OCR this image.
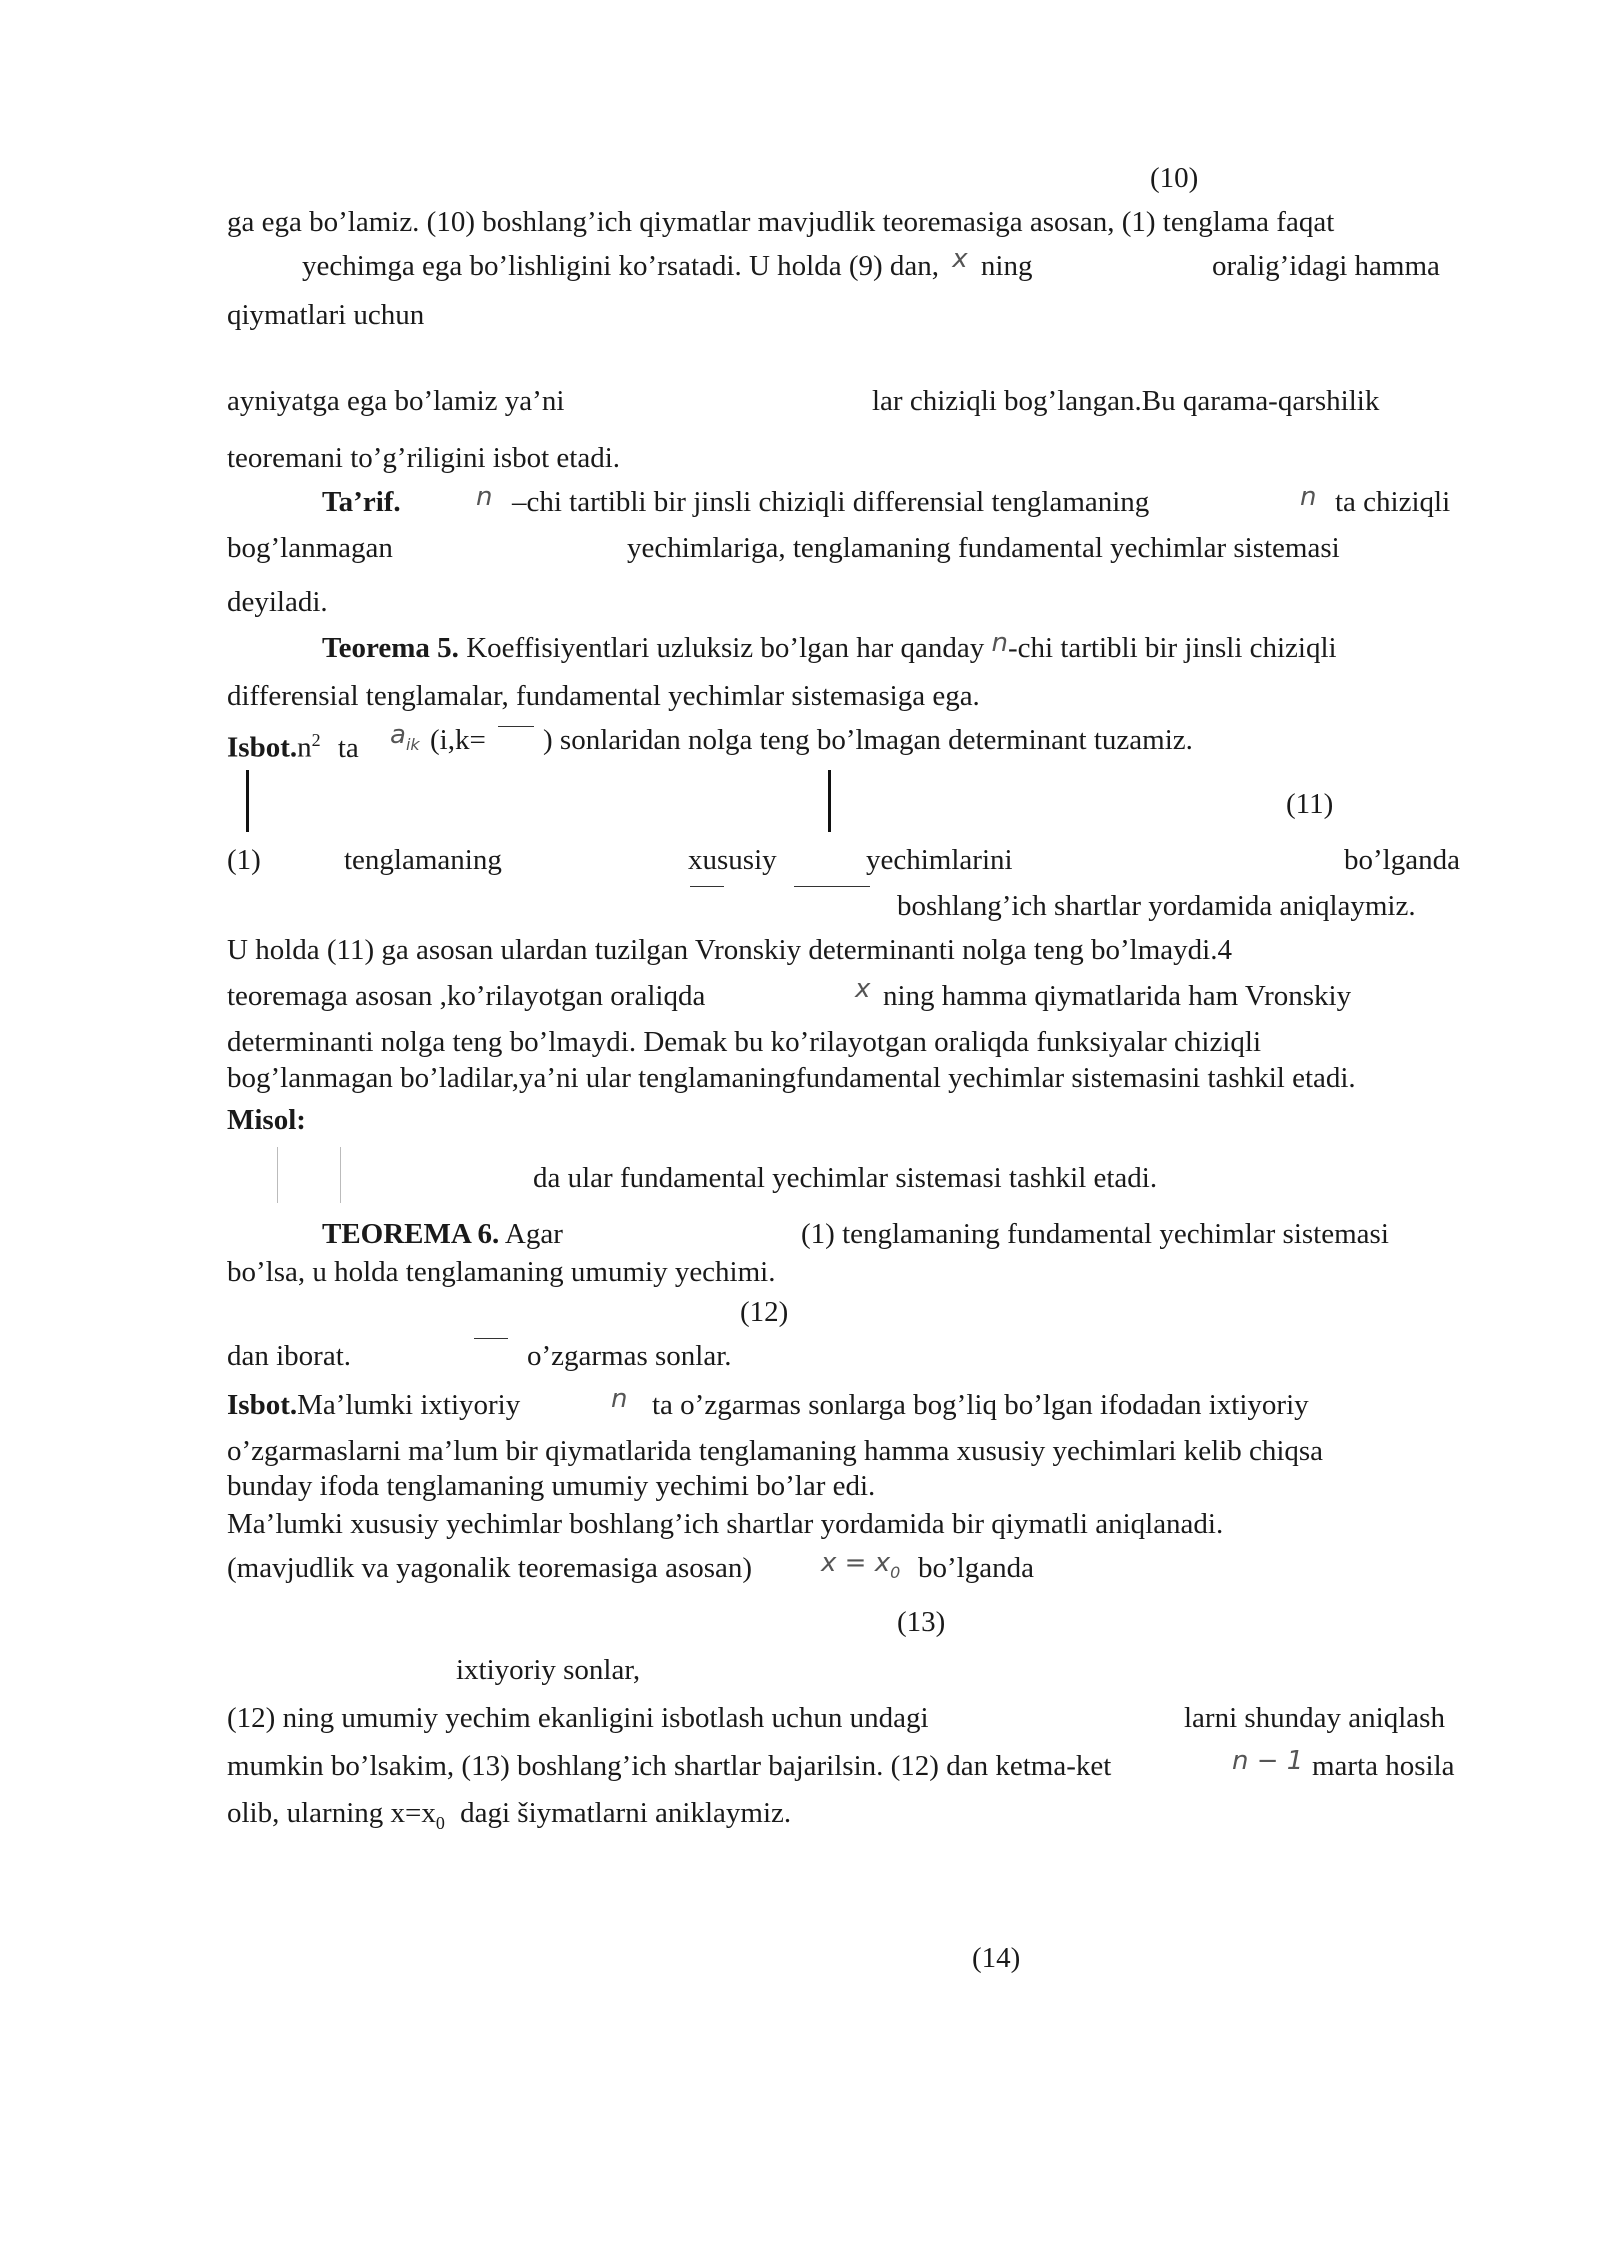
(10)
ga ega bo’lamiz. (10) boshlang’ich qiymatlar mavjudlik teoremasiga asosan, (1) tenglama faqat
yechimga ega bo’lishligini ko’rsatadi. U holda (9) dan, x ning	oralig’idagi hamma
qiymatlari uchun
ayniyatga ega bo’lamiz ya’ni	lar chiziqli bog’langan.Bu qarama-qarshilik
teoremani to’g’riligini isbot etadi.
Ta’rif.	n –chi tartibli bir jinsli chiziqli differensial tenglamaning	n ta chiziqli
bog’lanmagan	yechimlariga, tenglamaning fundamental yechimlar sistemasi
deyiladi.
Teorema 5. Koeffisiyentlari uzluksiz bo’lgan har qanday n-chi tartibli bir jinsli chiziqli
differensial tenglamalar, fundamental yechimlar sistemasiga ega.
$Isbot.n^2$ ta $a_{ik}$ (i,k= ) sonlaridan nolga teng bo’lmagan determinant tuzamiz.
(11)
(1)	tenglamaning	xususiy	yechimlarini	bo’lganda
boshlang’ich shartlar yordamida aniqlaymiz.
U holda (11) ga asosan ulardan tuzilgan Vronskiy determinanti nolga teng bo’lmaydi.4
teoremaga asosan ,ko’rilayotgan oraliqda	x ning hamma qiymatlarida ham Vronskiy
determinanti nolga teng bo’lmaydi. Demak bu ko’rilayotgan oraliqda funksiyalar chiziqli
bog’lanmagan bo’ladilar,ya’ni ular tenglamaningfundamental yechimlar sistemasini tashkil etadi.
Misol:
da ular fundamental yechimlar sistemasi tashkil etadi.
TEOREMA 6. Agar	(1) tenglamaning fundamental yechimlar sistemasi
bo’lsa, u holda tenglamaning umumiy yechimi.
(12)
dan iborat.	o’zgarmas sonlar.
Isbot.Ma’lumki ixtiyoriy	n ta o’zgarmas sonlarga bog’liq bo’lgan ifodadan ixtiyoriy
o’zgarmaslarni ma’lum bir qiymatlarida tenglamaning hamma xususiy yechimlari kelib chiqsa
bunday ifoda tenglamaning umumiy yechimi bo’lar edi.
Ma’lumki xususiy yechimlar boshlang’ich shartlar yordamida bir qiymatli aniqlanadi.
(mavjudlik va yagonalik teoremasiga asosan)	$x = x_0$ bo’lganda
(13)
ixtiyoriy sonlar,
(12) ning umumiy yechim ekanligini isbotlash uchun undagi	larni shunday aniqlash
mumkin bo’lsakim, (13) boshlang’ich shartlar bajarilsin. (12) dan ketma-ket	n − 1 marta hosila
olib, ularning $x=x_0$ dagi šiymatlarni aniklaymiz.
(14)
